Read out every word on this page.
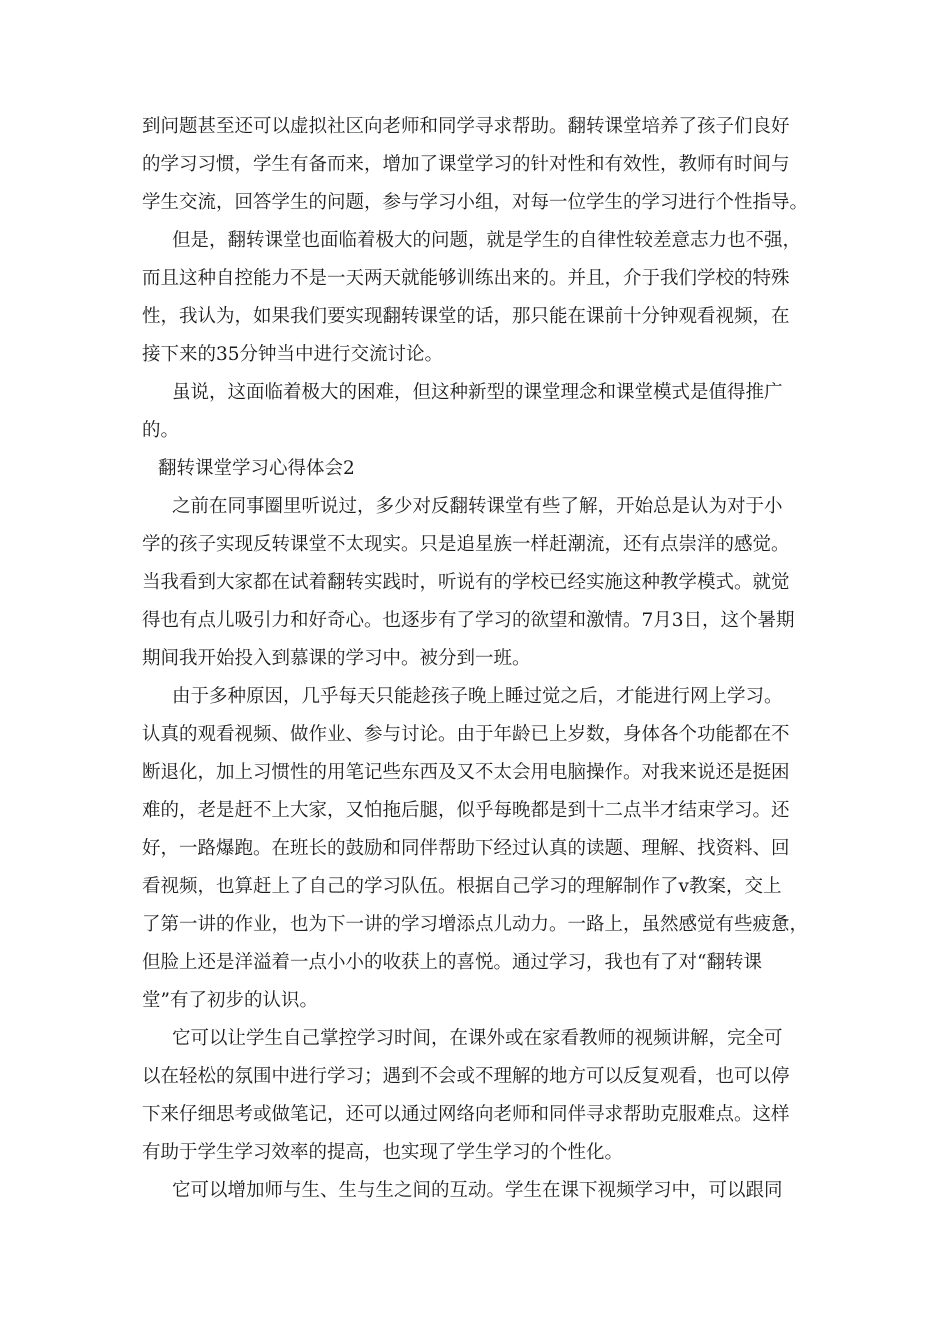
到问题甚至还可以虚拟社区向老师和同学寻求帮助。翻转课堂培养了孩子们良好
的学习习惯，学生有备而来，增加了课堂学习的针对性和有效性，教师有时间与
学生交流，回答学生的问题，参与学习小组，对每一位学生的学习进行个性指导。
但是，翻转课堂也面临着极大的问题，就是学生的自律性较差意志力也不强，
而且这种自控能力不是一天两天就能够训练出来的。并且，介于我们学校的特殊
性，我认为，如果我们要实现翻转课堂的话，那只能在课前十分钟观看视频，在
接下来的35分钟当中进行交流讨论。
虽说，这面临着极大的困难，但这种新型的课堂理念和课堂模式是值得推广
的。
翻转课堂学习心得体会2
之前在同事圈里听说过，多少对反翻转课堂有些了解，开始总是认为对于小
学的孩子实现反转课堂不太现实。只是追星族一样赶潮流，还有点崇洋的感觉。
当我看到大家都在试着翻转实践时，听说有的学校已经实施这种教学模式。就觉
得也有点儿吸引力和好奇心。也逐步有了学习的欲望和激情。7月3日，这个暑期
期间我开始投入到慕课的学习中。被分到一班。
由于多种原因，几乎每天只能趁孩子晚上睡过觉之后，才能进行网上学习。
认真的观看视频、做作业、参与讨论。由于年龄已上岁数，身体各个功能都在不
断退化，加上习惯性的用笔记些东西及又不太会用电脑操作。对我来说还是挺困
难的，老是赶不上大家，又怕拖后腿，似乎每晚都是到十二点半才结束学习。还
好，一路爆跑。在班长的鼓励和同伴帮助下经过认真的读题、理解、找资料、回
看视频，也算赶上了自己的学习队伍。根据自己学习的理解制作了v教案，交上
了第一讲的作业，也为下一讲的学习增添点儿动力。一路上，虽然感觉有些疲惫，
但脸上还是洋溢着一点小小的收获上的喜悦。通过学习，我也有了对“翻转课
堂”有了初步的认识。
它可以让学生自己掌控学习时间，在课外或在家看教师的视频讲解，完全可
以在轻松的氛围中进行学习；遇到不会或不理解的地方可以反复观看，也可以停
下来仔细思考或做笔记，还可以通过网络向老师和同伴寻求帮助克服难点。这样
有助于学生学习效率的提高，也实现了学生学习的个性化。
它可以增加师与生、生与生之间的互动。学生在课下视频学习中，可以跟同
